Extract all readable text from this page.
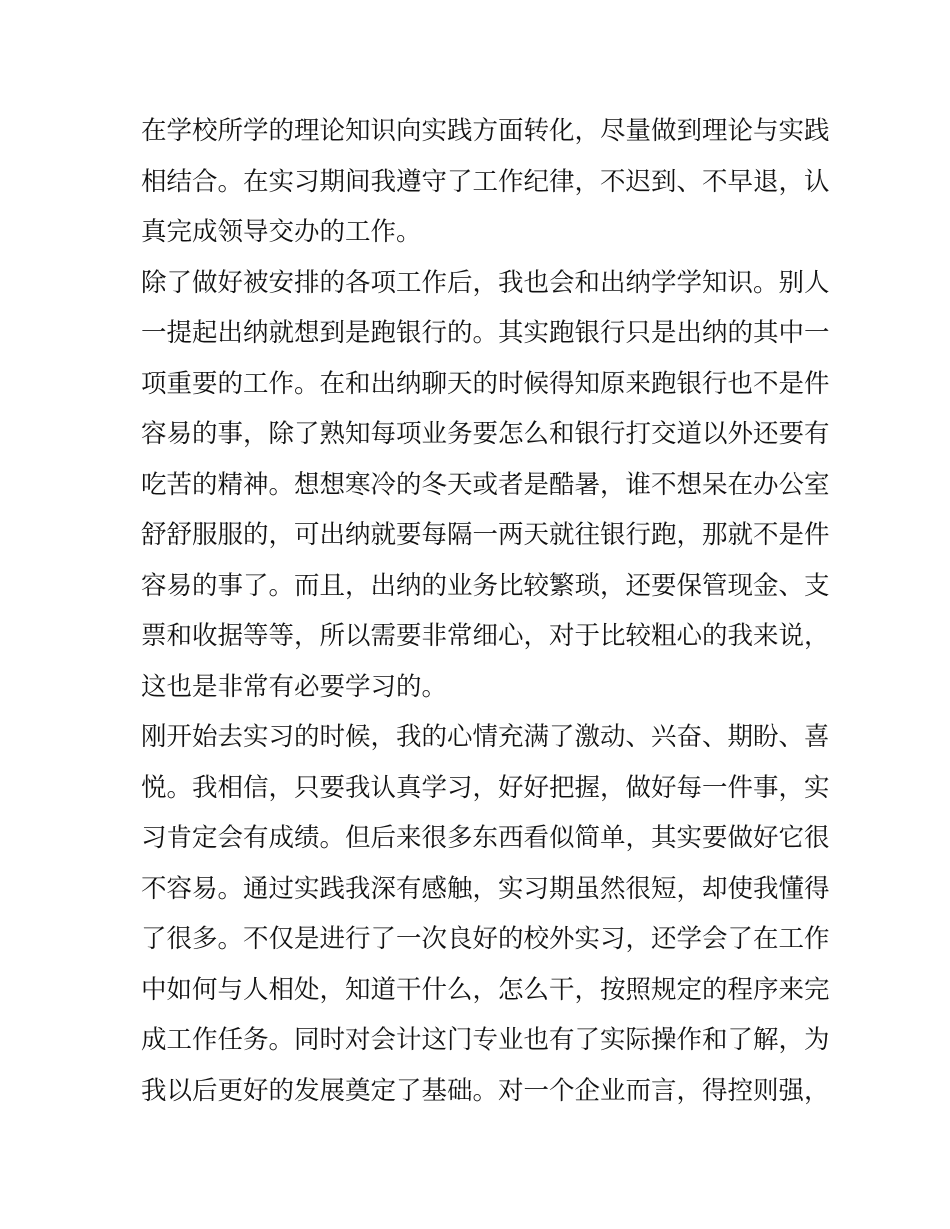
在学校所学的理论知识向实践方面转化，尽量做到理论与实践
相结合。在实习期间我遵守了工作纪律，不迟到、不早退，认
真完成领导交办的工作。
除了做好被安排的各项工作后，我也会和出纳学学知识。别人
一提起出纳就想到是跑银行的。其实跑银行只是出纳的其中一
项重要的工作。在和出纳聊天的时候得知原来跑银行也不是件
容易的事，除了熟知每项业务要怎么和银行打交道以外还要有
吃苦的精神。想想寒冷的冬天或者是酷暑，谁不想呆在办公室
舒舒服服的，可出纳就要每隔一两天就往银行跑，那就不是件
容易的事了。而且，出纳的业务比较繁琐，还要保管现金、支
票和收据等等，所以需要非常细心，对于比较粗心的我来说，
这也是非常有必要学习的。
刚开始去实习的时候，我的心情充满了激动、兴奋、期盼、喜
悦。我相信，只要我认真学习，好好把握，做好每一件事，实
习肯定会有成绩。但后来很多东西看似简单，其实要做好它很
不容易。通过实践我深有感触，实习期虽然很短，却使我懂得
了很多。不仅是进行了一次良好的校外实习，还学会了在工作
中如何与人相处，知道干什么，怎么干，按照规定的程序来完
成工作任务。同时对会计这门专业也有了实际操作和了解，为
我以后更好的发展奠定了基础。对一个企业而言，得控则强，
